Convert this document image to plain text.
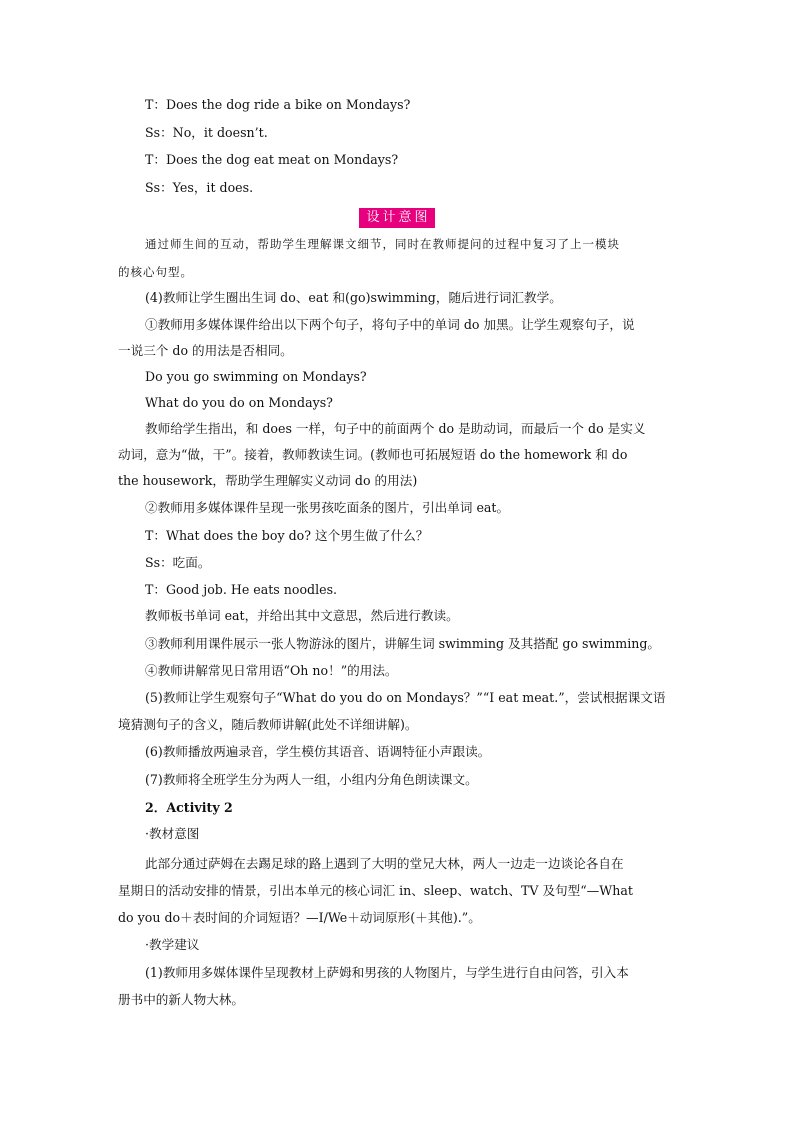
T：Does the dog ride a bike on Mondays?
Ss：No，it doesn’t.
T：Does the dog eat meat on Mondays?
Ss：Yes，it does.
设计意图
通过师生间的互动，帮助学生理解课文细节，同时在教师提问的过程中复习了上一模块
的核心句型。
(4)教师让学生圈出生词 do、eat 和(go)swimming，随后进行词汇教学。
①教师用多媒体课件给出以下两个句子，将句子中的单词 do 加黑。让学生观察句子，说
一说三个 do 的用法是否相同。
Do you go swimming on Mondays?
What do you do on Mondays?
教师给学生指出，和 does 一样，句子中的前面两个 do 是助动词，而最后一个 do 是实义
动词，意为“做，干”。接着，教师教读生词。(教师也可拓展短语 do the homework 和 do
the housework，帮助学生理解实义动词 do 的用法)
②教师用多媒体课件呈现一张男孩吃面条的图片，引出单词 eat。
T：What does the boy do? 这个男生做了什么？
Ss：吃面。
T：Good job. He eats noodles.
教师板书单词 eat，并给出其中文意思，然后进行教读。
③教师利用课件展示一张人物游泳的图片，讲解生词 swimming 及其搭配 go swimming。
④教师讲解常见日常用语“Oh no！”的用法。
(5)教师让学生观察句子“What do you do on Mondays？”“I eat meat.”，尝试根据课文语
境猜测句子的含义，随后教师讲解(此处不详细讲解)。
(6)教师播放两遍录音，学生模仿其语音、语调特征小声跟读。
(7)教师将全班学生分为两人一组，小组内分角色朗读课文。
2．Activity 2
·教材意图
此部分通过萨姆在去踢足球的路上遇到了大明的堂兄大林，两人一边走一边谈论各自在
星期日的活动安排的情景，引出本单元的核心词汇 in、sleep、watch、TV 及句型“—What
do you do＋表时间的介词短语？—I/We＋动词原形(＋其他).”。
·教学建议
(1)教师用多媒体课件呈现教材上萨姆和男孩的人物图片，与学生进行自由问答，引入本
册书中的新人物大林。
